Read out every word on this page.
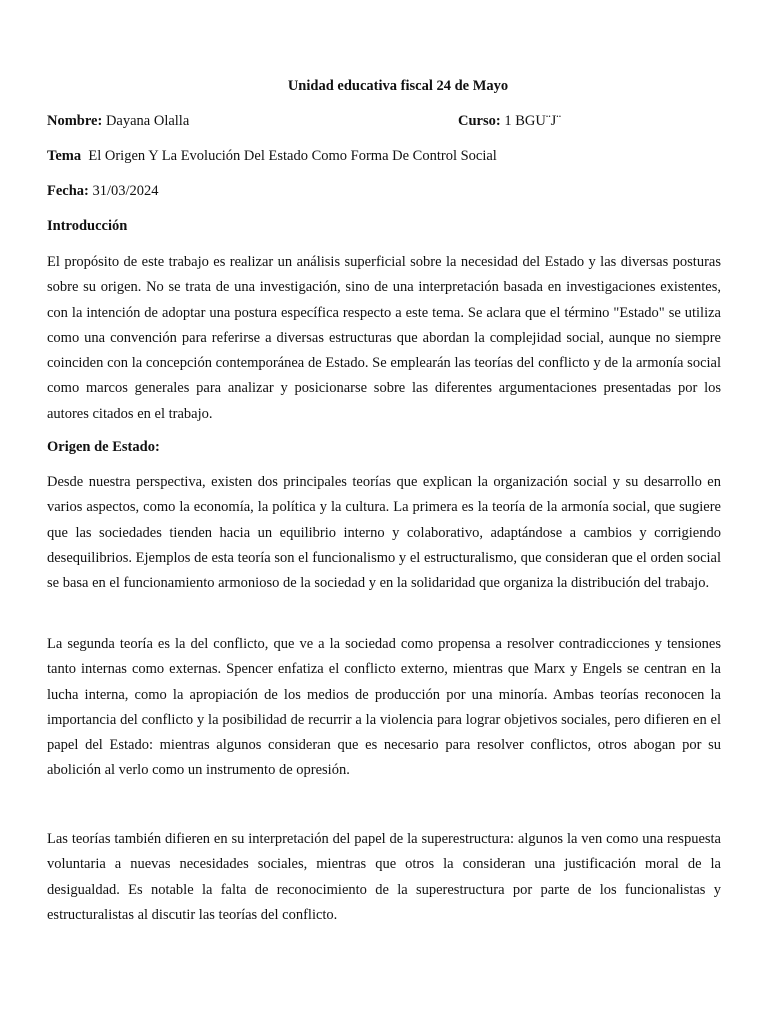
Unidad educativa fiscal 24 de Mayo
Nombre: Dayana Olalla	Curso: 1 BGU¨J¨
Tema El Origen Y La Evolución Del Estado Como Forma De Control Social
Fecha: 31/03/2024
Introducción
El propósito de este trabajo es realizar un análisis superficial sobre la necesidad del Estado y las diversas posturas sobre su origen. No se trata de una investigación, sino de una interpretación basada en investigaciones existentes, con la intención de adoptar una postura específica respecto a este tema. Se aclara que el término "Estado" se utiliza como una convención para referirse a diversas estructuras que abordan la complejidad social, aunque no siempre coinciden con la concepción contemporánea de Estado. Se emplearán las teorías del conflicto y de la armonía social como marcos generales para analizar y posicionarse sobre las diferentes argumentaciones presentadas por los autores citados en el trabajo.
Origen de Estado:
Desde nuestra perspectiva, existen dos principales teorías que explican la organización social y su desarrollo en varios aspectos, como la economía, la política y la cultura. La primera es la teoría de la armonía social, que sugiere que las sociedades tienden hacia un equilibrio interno y colaborativo, adaptándose a cambios y corrigiendo desequilibrios. Ejemplos de esta teoría son el funcionalismo y el estructuralismo, que consideran que el orden social se basa en el funcionamiento armonioso de la sociedad y en la solidaridad que organiza la distribución del trabajo.
La segunda teoría es la del conflicto, que ve a la sociedad como propensa a resolver contradicciones y tensiones tanto internas como externas. Spencer enfatiza el conflicto externo, mientras que Marx y Engels se centran en la lucha interna, como la apropiación de los medios de producción por una minoría. Ambas teorías reconocen la importancia del conflicto y la posibilidad de recurrir a la violencia para lograr objetivos sociales, pero difieren en el papel del Estado: mientras algunos consideran que es necesario para resolver conflictos, otros abogan por su abolición al verlo como un instrumento de opresión.
Las teorías también difieren en su interpretación del papel de la superestructura: algunos la ven como una respuesta voluntaria a nuevas necesidades sociales, mientras que otros la consideran una justificación moral de la desigualdad. Es notable la falta de reconocimiento de la superestructura por parte de los funcionalistas y estructuralistas al discutir las teorías del conflicto.
